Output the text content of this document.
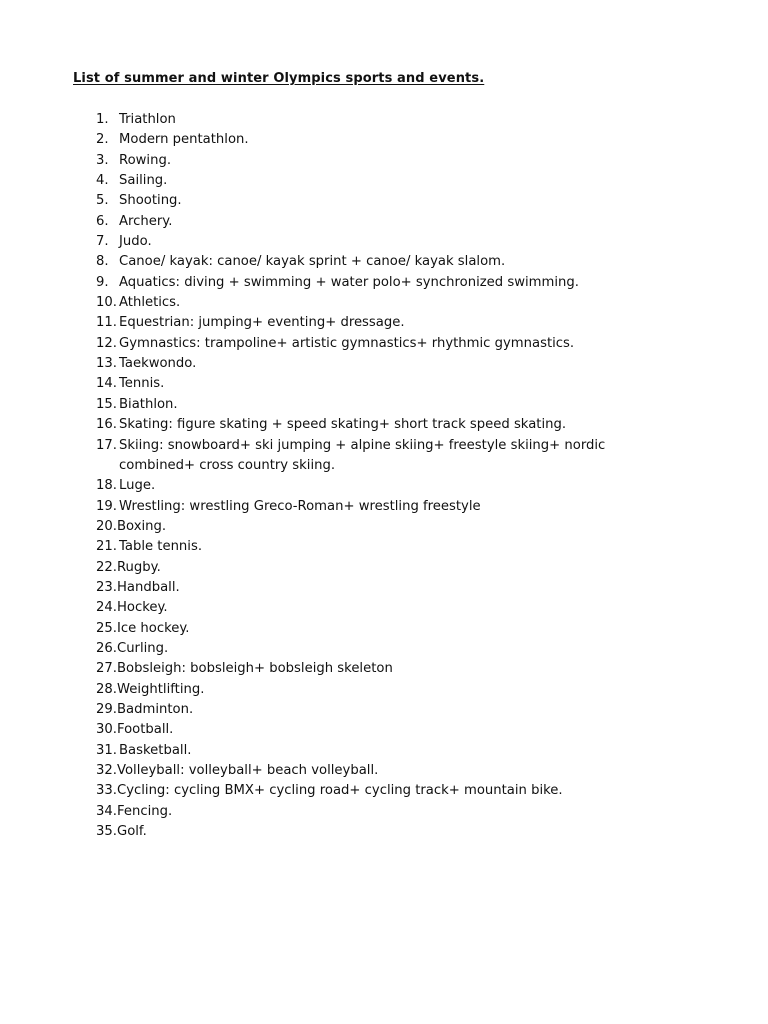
List of summer and winter Olympics sports and events.
1. Triathlon
2. Modern pentathlon.
3. Rowing.
4. Sailing.
5. Shooting.
6. Archery.
7. Judo.
8. Canoe/ kayak: canoe/ kayak sprint + canoe/ kayak slalom.
9. Aquatics: diving + swimming + water polo+ synchronized swimming.
10. Athletics.
11. Equestrian: jumping+ eventing+ dressage.
12. Gymnastics: trampoline+ artistic gymnastics+ rhythmic gymnastics.
13. Taekwondo.
14. Tennis.
15. Biathlon.
16. Skating: figure skating + speed skating+ short track speed skating.
17. Skiing: snowboard+ ski jumping + alpine skiing+ freestyle skiing+ nordic combined+ cross country skiing.
18. Luge.
19. Wrestling: wrestling Greco-Roman+ wrestling freestyle
20. Boxing.
21. Table tennis.
22. Rugby.
23. Handball.
24. Hockey.
25. Ice hockey.
26. Curling.
27. Bobsleigh: bobsleigh+ bobsleigh skeleton
28. Weightlifting.
29. Badminton.
30. Football.
31. Basketball.
32. Volleyball: volleyball+ beach volleyball.
33. Cycling: cycling BMX+ cycling road+ cycling track+ mountain bike.
34. Fencing.
35. Golf.
